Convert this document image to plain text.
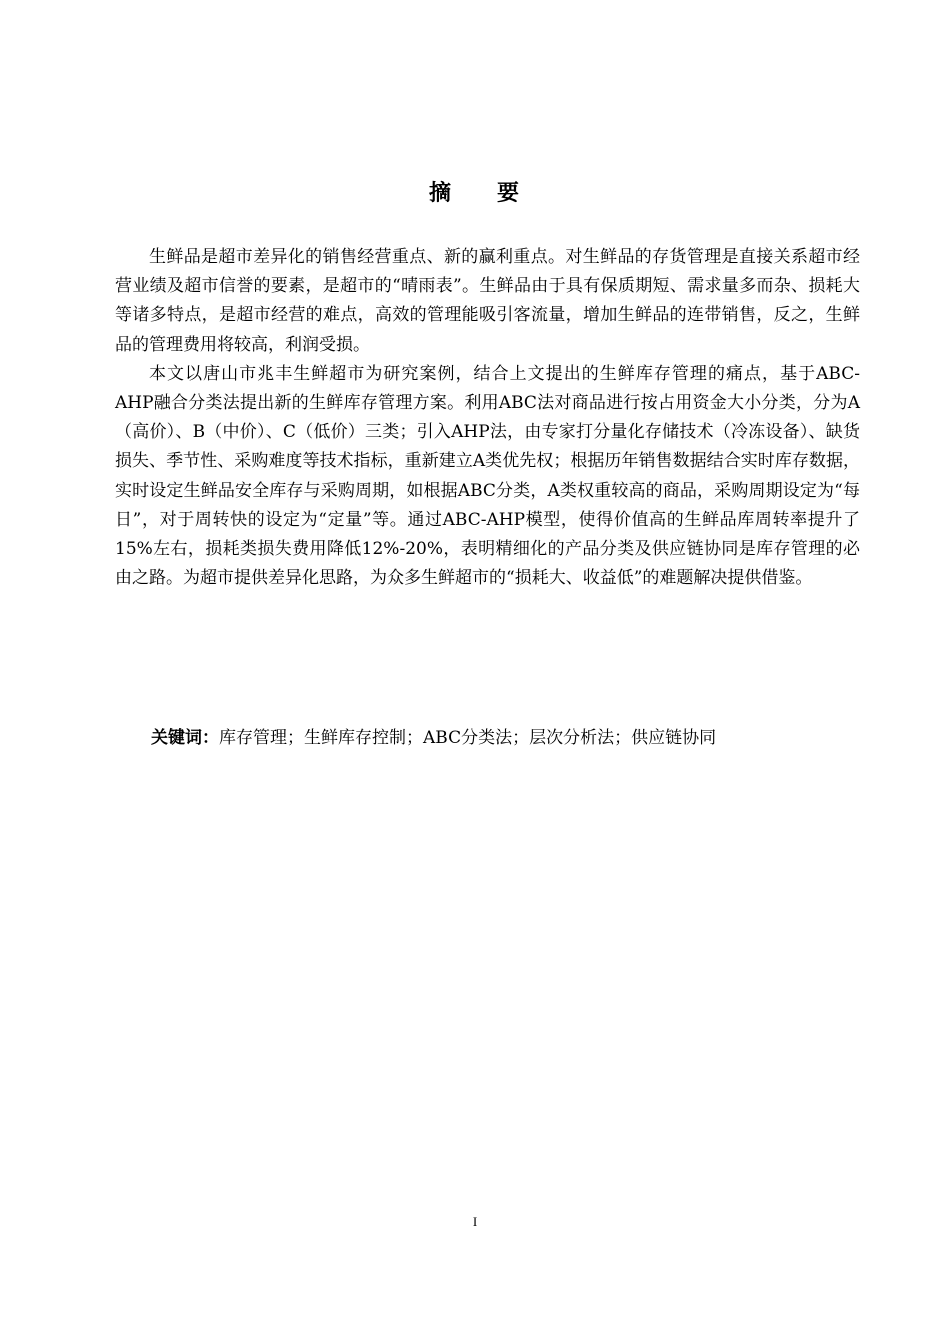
摘 要

生鲜品是超市差异化的销售经营重点、新的赢利重点。对生鲜品的存货管理是直接关系超市经营业绩及超市信誉的要素，是超市的“晴雨表”。生鲜品由于具有保质期短、需求量多而杂、损耗大等诸多特点，是超市经营的难点，高效的管理能吸引客流量，增加生鲜品的连带销售，反之，生鲜品的管理费用将较高，利润受损。

本文以唐山市兆丰生鲜超市为研究案例，结合上文提出的生鲜库存管理的痛点，基于ABC-AHP融合分类法提出新的生鲜库存管理方案。利用ABC法对商品进行按占用资金大小分类，分为A（高价）、B（中价）、C（低价）三类；引入AHP法，由专家打分量化存储技术（冷冻设备）、缺货损失、季节性、采购难度等技术指标，重新建立A类优先权；根据历年销售数据结合实时库存数据，实时设定生鲜品安全库存与采购周期，如根据ABC分类，A类权重较高的商品，采购周期设定为“每日”，对于周转快的设定为“定量”等。通过ABC-AHP模型，使得价值高的生鲜品库周转率提升了15%左右，损耗类损失费用降低12%-20%，表明精细化的产品分类及供应链协同是库存管理的必由之路。为超市提供差异化思路，为众多生鲜超市的“损耗大、收益低”的难题解决提供借鉴。

关键词：库存管理；生鲜库存控制；ABC分类法；层次分析法；供应链协同
I
